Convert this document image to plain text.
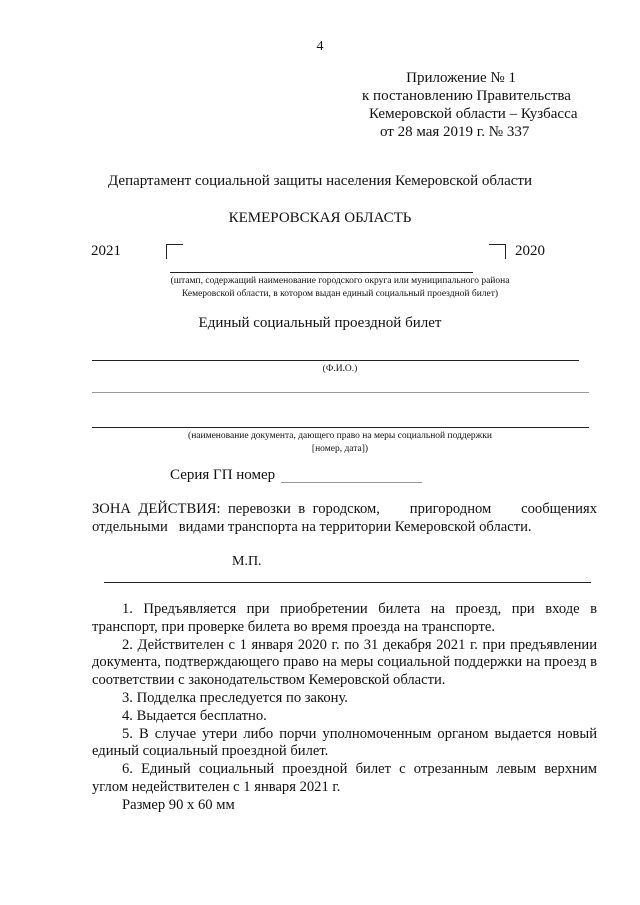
4
Приложение № 1
к постановлению Правительства
Кемеровской области – Кузбасса
от 28 мая 2019 г. № 337
Департамент социальной защиты населения Кемеровской области
КЕМЕРОВСКАЯ ОБЛАСТЬ
2021	2020
(штамп, содержащий наименование городского округа или муниципального района
Кемеровской области, в котором выдан единый социальный проездной билет)
Единый социальный проездной билет
(Ф.И.О.)
(наименование документа, дающего право на меры социальной поддержки
[номер, дата])
Серия ГП номер
ЗОНА ДЕЙСТВИЯ: перевозки в городском,    пригородном    сообщениях
отдельными   видами транспорта на территории Кемеровской области.
М.П.

1. Предъявляется при приобретении билета на проезд, при входе в транспорт, при проверке билета во время проезда на транспорте.

2. Действителен с 1 января 2020 г. по 31 декабря 2021 г. при предъявлении документа, подтверждающего право на меры социальной поддержки на проезд в соответствии с законодательством Кемеровской области.

3. Подделка преследуется по закону.

4. Выдается бесплатно.

5. В случае утери либо порчи уполномоченным органом выдается новый единый социальный проездной билет.

6. Единый социальный проездной билет с отрезанным левым верхним углом недействителен с 1 января 2021 г.

Размер 90 х 60 мм
